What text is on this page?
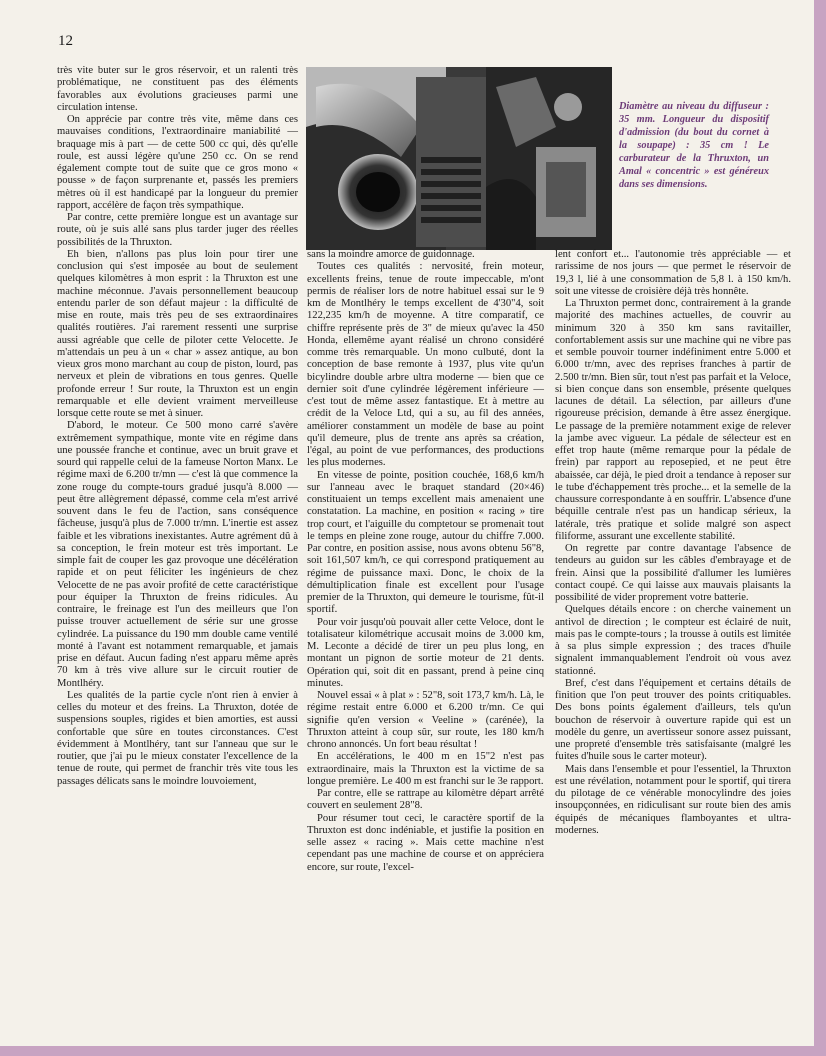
12
Diamètre au niveau du diffuseur : 35 mm. Longueur du dispositif d'admission (du bout du cornet à la soupape) : 35 cm ! Le carburateur de la Thruxton, un Amal « concentric » est généreux dans ses dimensions.

très vite buter sur le gros réservoir, et un ralenti très problématique, ne constituent pas des éléments favorables aux évolutions gracieuses parmi une circulation intense.

On apprécie par contre très vite, même dans ces mauvaises conditions, l'extraordinaire maniabilité — braquage mis à part — de cette 500 cc qui, dès qu'elle roule, est aussi légère qu'une 250 cc. On se rend également compte tout de suite que ce gros mono « pousse » de façon surprenante et, passés les premiers mètres où il est handicapé par la longueur du premier rapport, accélère de façon très sympathique.

Par contre, cette première longue est un avantage sur route, où je suis allé sans plus tarder juger des réelles possibilités de la Thruxton.

Eh bien, n'allons pas plus loin pour tirer une conclusion qui s'est imposée au bout de seulement quelques kilomètres à mon esprit : la Thruxton est une machine méconnue. J'avais personnellement beaucoup entendu parler de son défaut majeur : la difficulté de mise en route, mais très peu de ses extraordinaires qualités routières. J'ai rarement ressenti une surprise aussi agréable que celle de piloter cette Velocette. Je m'attendais un peu à un « char » assez antique, au bon vieux gros mono marchant au coup de piston, lourd, pas nerveux et plein de vibrations en tous genres. Quelle profonde erreur ! Sur route, la Thruxton est un engin remarquable et elle devient vraiment merveilleuse lorsque cette route se met à sinuer.

D'abord, le moteur. Ce 500 mono carré s'avère extrêmement sympathique, monte vite en régime dans une poussée franche et continue, avec un bruit grave et sourd qui rappelle celui de la fameuse Norton Manx. Le régime maxi de 6.200 tr/mn — c'est là que commence la zone rouge du compte-tours gradué jusqu'à 8.000 — peut être allègrement dépassé, comme cela m'est arrivé souvent dans le feu de l'action, sans conséquence fâcheuse, jusqu'à plus de 7.000 tr/mn. L'inertie est assez faible et les vibrations inexistantes. Autre agrément dû à sa conception, le frein moteur est très important. Le simple fait de couper les gaz provoque une décélération rapide et on peut féliciter les ingénieurs de chez Velocette de ne pas avoir profité de cette caractéristique pour équiper la Thruxton de freins ridicules. Au contraire, le freinage est l'un des meilleurs que l'on puisse trouver actuellement de série sur une grosse cylindrée. La puissance du 190 mm double came ventilé monté à l'avant est notamment remarquable, et jamais prise en défaut. Aucun fading n'est apparu même après 70 km à très vive allure sur le circuit routier de Montlhéry.

Les qualités de la partie cycle n'ont rien à envier à celles du moteur et des freins. La Thruxton, dotée de suspensions souples, rigides et bien amorties, est aussi confortable que sûre en toutes circonstances. C'est évidemment à Montlhéry, tant sur l'anneau que sur le routier, que j'ai pu le mieux constater l'excellence de la tenue de route, qui permet de franchir très vite tous les passages délicats sans le moindre louvoiement,

sans la moindre amorce de guidonnage.

Toutes ces qualités : nervosité, frein moteur, excellents freins, tenue de route impeccable, m'ont permis de réaliser lors de notre habituel essai sur le 9 km de Montlhéry le temps excellent de 4'30"4, soit 122,235 km/h de moyenne. A titre comparatif, ce chiffre représente près de 3" de mieux qu'avec la 450 Honda, ellemême ayant réalisé un chrono considéré comme très remarquable. Un mono culbuté, dont la conception de base remonte à 1937, plus vite qu'un bicylindre double arbre ultra moderne — bien que ce dernier soit d'une cylindrée légèrement inférieure — c'est tout de même assez fantastique. Et à mettre au crédit de la Veloce Ltd, qui a su, au fil des années, améliorer constamment un modèle de base au point qu'il demeure, plus de trente ans après sa création, l'égal, au point de vue performances, des productions les plus modernes.

En vitesse de pointe, position couchée, 168,6 km/h sur l'anneau avec le braquet standard (20×46) constituaient un temps excellent mais amenaient une constatation. La machine, en position « racing » tire trop court, et l'aiguille du comptetour se promenait tout le temps en pleine zone rouge, autour du chiffre 7.000. Par contre, en position assise, nous avons obtenu 56"8, soit 161,507 km/h, ce qui correspond pratiquement au régime de puissance maxi. Donc, le choix de la démultiplication finale est excellent pour l'usage premier de la Thruxton, qui demeure le tourisme, fût-il sportif.

Pour voir jusqu'où pouvait aller cette Veloce, dont le totalisateur kilométrique accusait moins de 3.000 km, M. Leconte a décidé de tirer un peu plus long, en montant un pignon de sortie moteur de 21 dents. Opération qui, soit dit en passant, prend à peine cinq minutes.

Nouvel essai « à plat » : 52"8, soit 173,7 km/h. Là, le régime restait entre 6.000 et 6.200 tr/mn. Ce qui signifie qu'en version « Veeline » (carénée), la Thruxton atteint à coup sûr, sur route, les 180 km/h chrono annoncés. Un fort beau résultat !

En accélérations, le 400 m en 15"2 n'est pas extraordinaire, mais la Thruxton est la victime de sa longue première. Le 400 m est franchi sur le 3e rapport.

Par contre, elle se rattrape au kilomètre départ arrêté couvert en seulement 28"8.

Pour résumer tout ceci, le caractère sportif de la Thruxton est donc indéniable, et justifie la position en selle assez « racing ». Mais cette machine n'est cependant pas une machine de course et on appréciera encore, sur route, l'excel-

lent confort et... l'autonomie très appréciable — et rarissime de nos jours — que permet le réservoir de 19,3 l, lié à une consommation de 5,8 l. à 150 km/h. soit une vitesse de croisière déjà très honnête.

La Thruxton permet donc, contrairement à la grande majorité des machines actuelles, de couvrir au minimum 320 à 350 km sans ravitailler, confortablement assis sur une machine qui ne vibre pas et semble pouvoir tourner indéfiniment entre 5.000 et 6.000 tr/mn, avec des reprises franches à partir de 2.500 tr/mn. Bien sûr, tout n'est pas parfait et la Veloce, si bien conçue dans son ensemble, présente quelques lacunes de détail. La sélection, par ailleurs d'une rigoureuse précision, demande à être assez énergique. Le passage de la première notamment exige de relever la jambe avec vigueur. La pédale de sélecteur est en effet trop haute (même remarque pour la pédale de frein) par rapport au reposepied, et ne peut être abaissée, car déjà, le pied droit a tendance à reposer sur le tube d'échappement très proche... et la semelle de la chaussure correspondante à en souffrir. L'absence d'une béquille centrale n'est pas un handicap sérieux, la latérale, très pratique et solide malgré son aspect filiforme, assurant une excellente stabilité.

On regrette par contre davantage l'absence de tendeurs au guidon sur les câbles d'embrayage et de frein. Ainsi que la possibilité d'allumer les lumières contact coupé. Ce qui laisse aux mauvais plaisants la possibilité de vider proprement votre batterie.

Quelques détails encore : on cherche vainement un antivol de direction ; le compteur est éclairé de nuit, mais pas le compte-tours ; la trousse à outils est limitée à sa plus simple expression ; des traces d'huile signalent immanquablement l'endroit où vous avez stationné.

Bref, c'est dans l'équipement et certains détails de finition que l'on peut trouver des points critiquables. Des bons points également d'ailleurs, tels qu'un bouchon de réservoir à ouverture rapide qui est un modèle du genre, un avertisseur sonore assez puissant, une propreté d'ensemble très satisfaisante (malgré les fuites d'huile sous le carter moteur).

Mais dans l'ensemble et pour l'essentiel, la Thruxton est une révélation, notamment pour le sportif, qui tirera du pilotage de ce vénérable monocylindre des joies insoupçonnées, en ridiculisant sur route bien des amis équipés de mécaniques flamboyantes et ultra-modernes.
